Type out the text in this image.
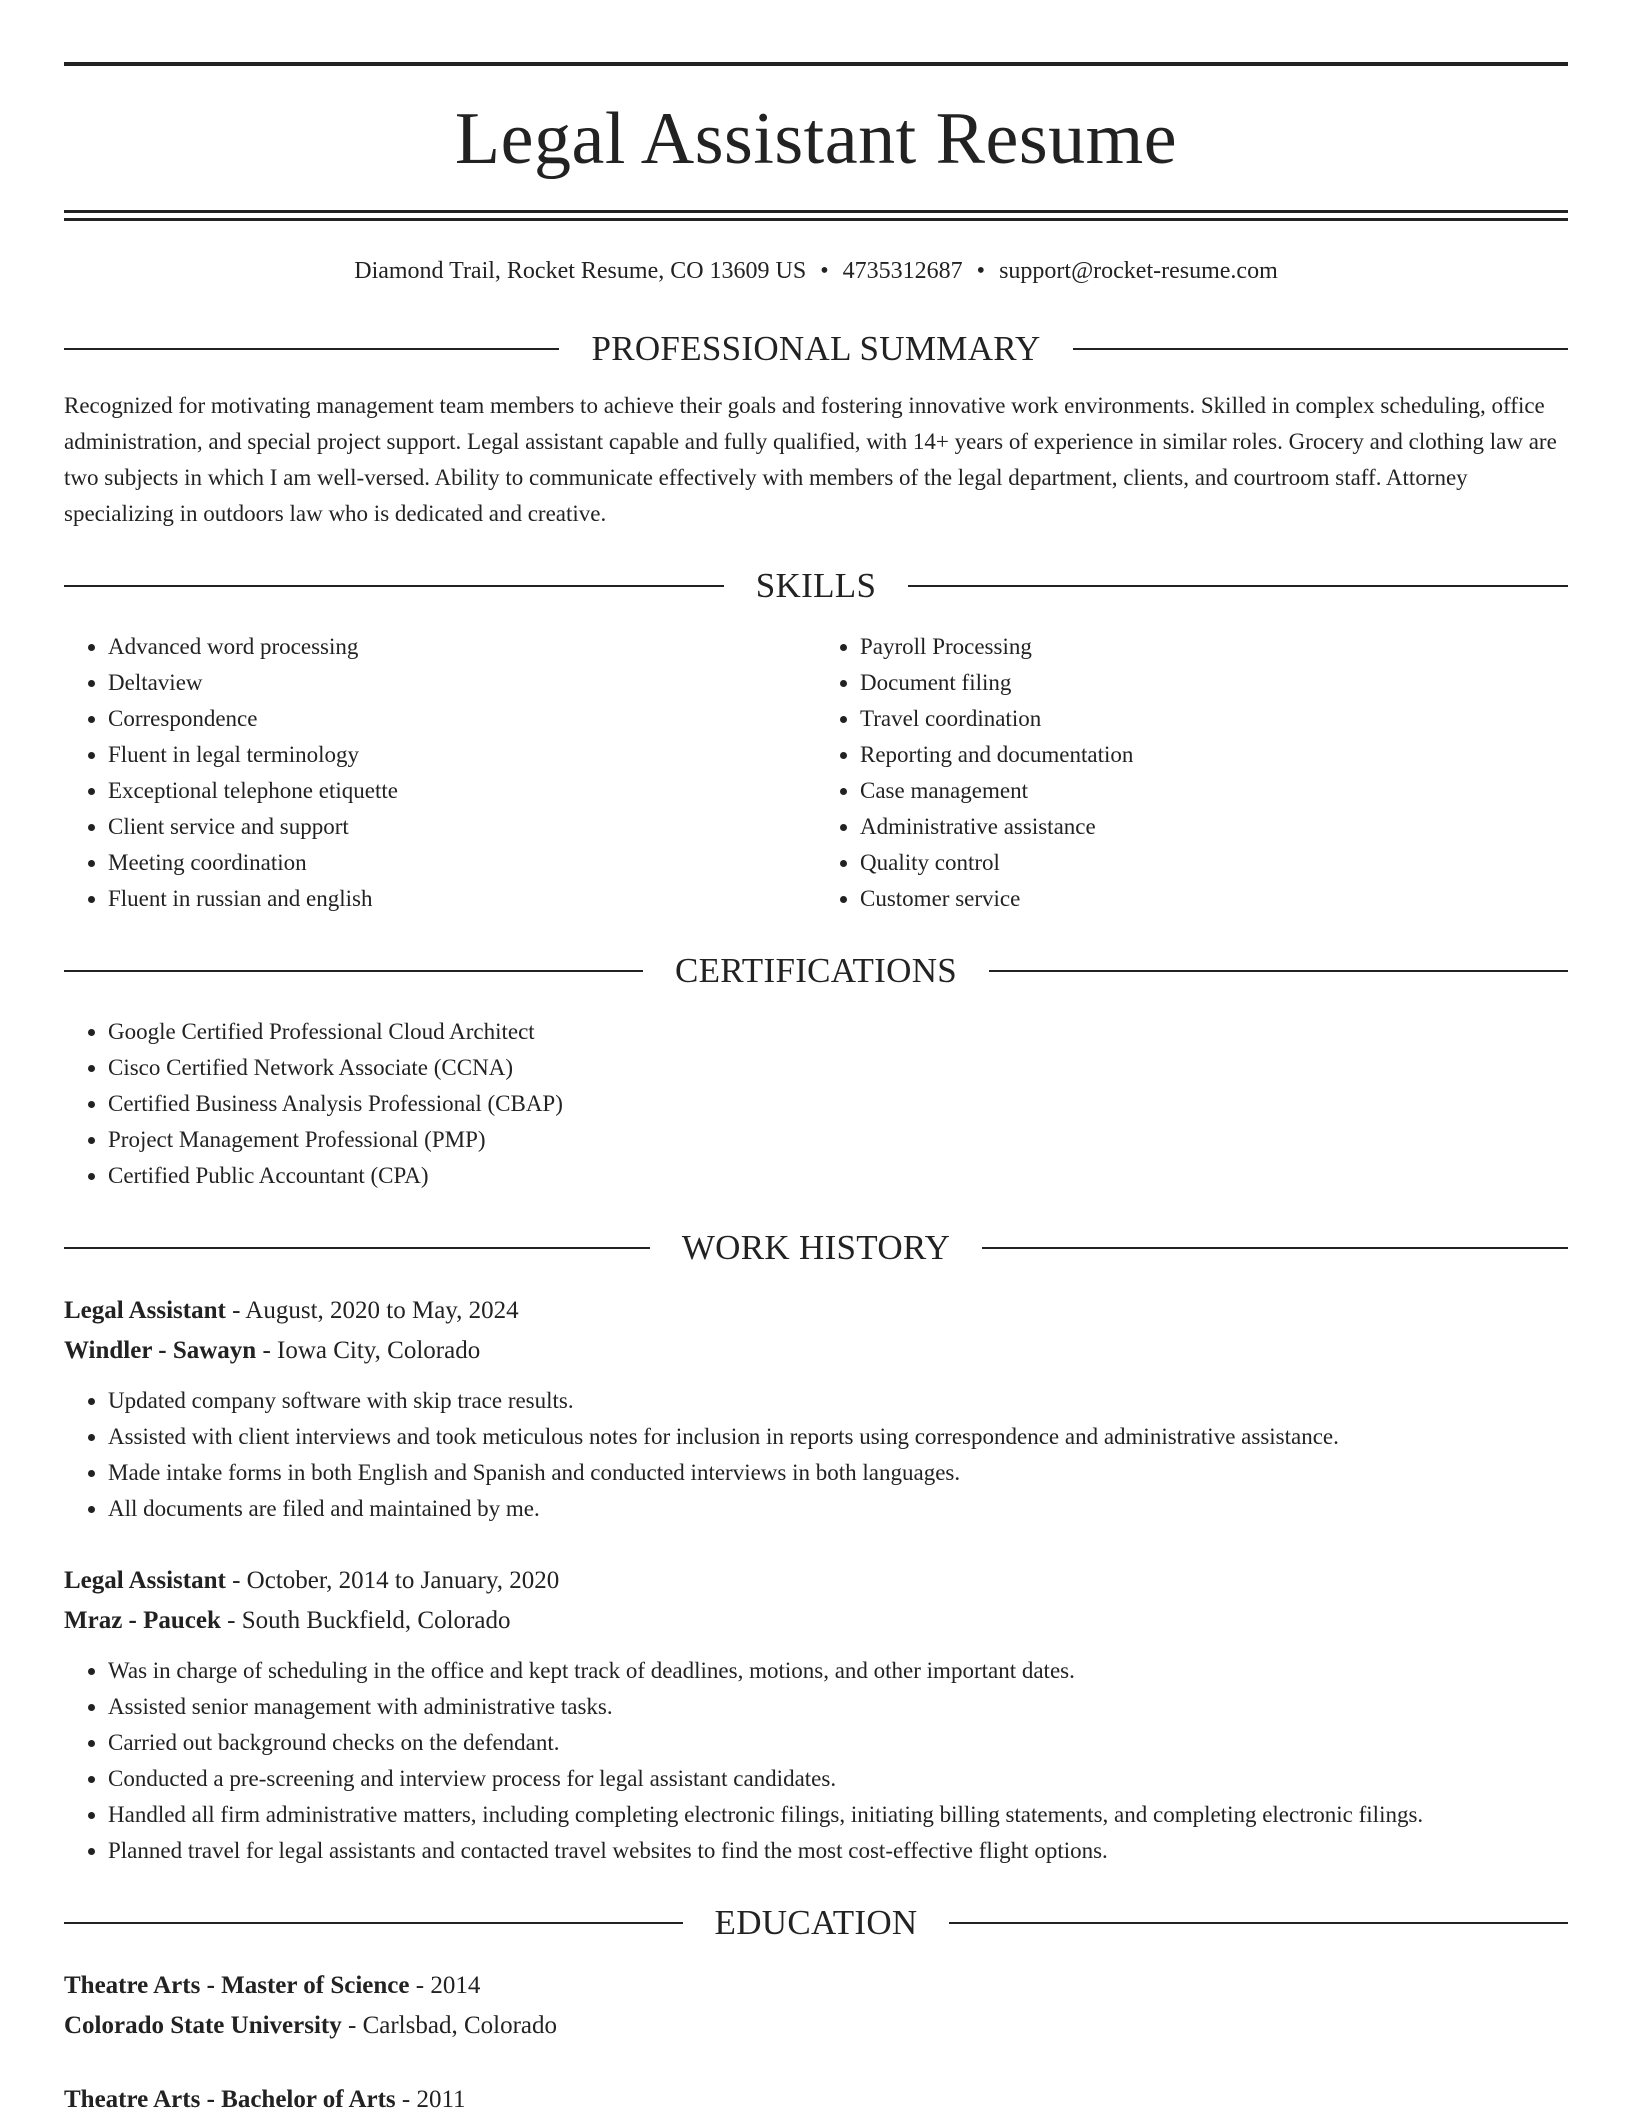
Legal Assistant Resume
Diamond Trail, Rocket Resume, CO 13609 US • 4735312687 • support@rocket-resume.com
PROFESSIONAL SUMMARY

Recognized for motivating management team members to achieve their goals and fostering innovative work environments. Skilled in complex scheduling, office administration, and special project support. Legal assistant capable and fully qualified, with 14+ years of experience in similar roles. Grocery and clothing law are two subjects in which I am well-versed. Ability to communicate effectively with members of the legal department, clients, and courtroom staff. Attorney specializing in outdoors law who is dedicated and creative.

SKILLS
• Advanced word processing
• Deltaview
• Correspondence
• Fluent in legal terminology
• Exceptional telephone etiquette
• Client service and support
• Meeting coordination
• Fluent in russian and english
• Payroll Processing
• Document filing
• Travel coordination
• Reporting and documentation
• Case management
• Administrative assistance
• Quality control
• Customer service
CERTIFICATIONS
• Google Certified Professional Cloud Architect
• Cisco Certified Network Associate (CCNA)
• Certified Business Analysis Professional (CBAP)
• Project Management Professional (PMP)
• Certified Public Accountant (CPA)
WORK HISTORY
Legal Assistant - August, 2020 to May, 2024
Windler - Sawayn - Iowa City, Colorado
• Updated company software with skip trace results.
• Assisted with client interviews and took meticulous notes for inclusion in reports using correspondence and administrative assistance.
• Made intake forms in both English and Spanish and conducted interviews in both languages.
• All documents are filed and maintained by me.
Legal Assistant - October, 2014 to January, 2020
Mraz - Paucek - South Buckfield, Colorado
• Was in charge of scheduling in the office and kept track of deadlines, motions, and other important dates.
• Assisted senior management with administrative tasks.
• Carried out background checks on the defendant.
• Conducted a pre-screening and interview process for legal assistant candidates.
• Handled all firm administrative matters, including completing electronic filings, initiating billing statements, and completing electronic filings.
• Planned travel for legal assistants and contacted travel websites to find the most cost-effective flight options.
EDUCATION
Theatre Arts - Master of Science - 2014
Colorado State University - Carlsbad, Colorado
Theatre Arts - Bachelor of Arts - 2011
